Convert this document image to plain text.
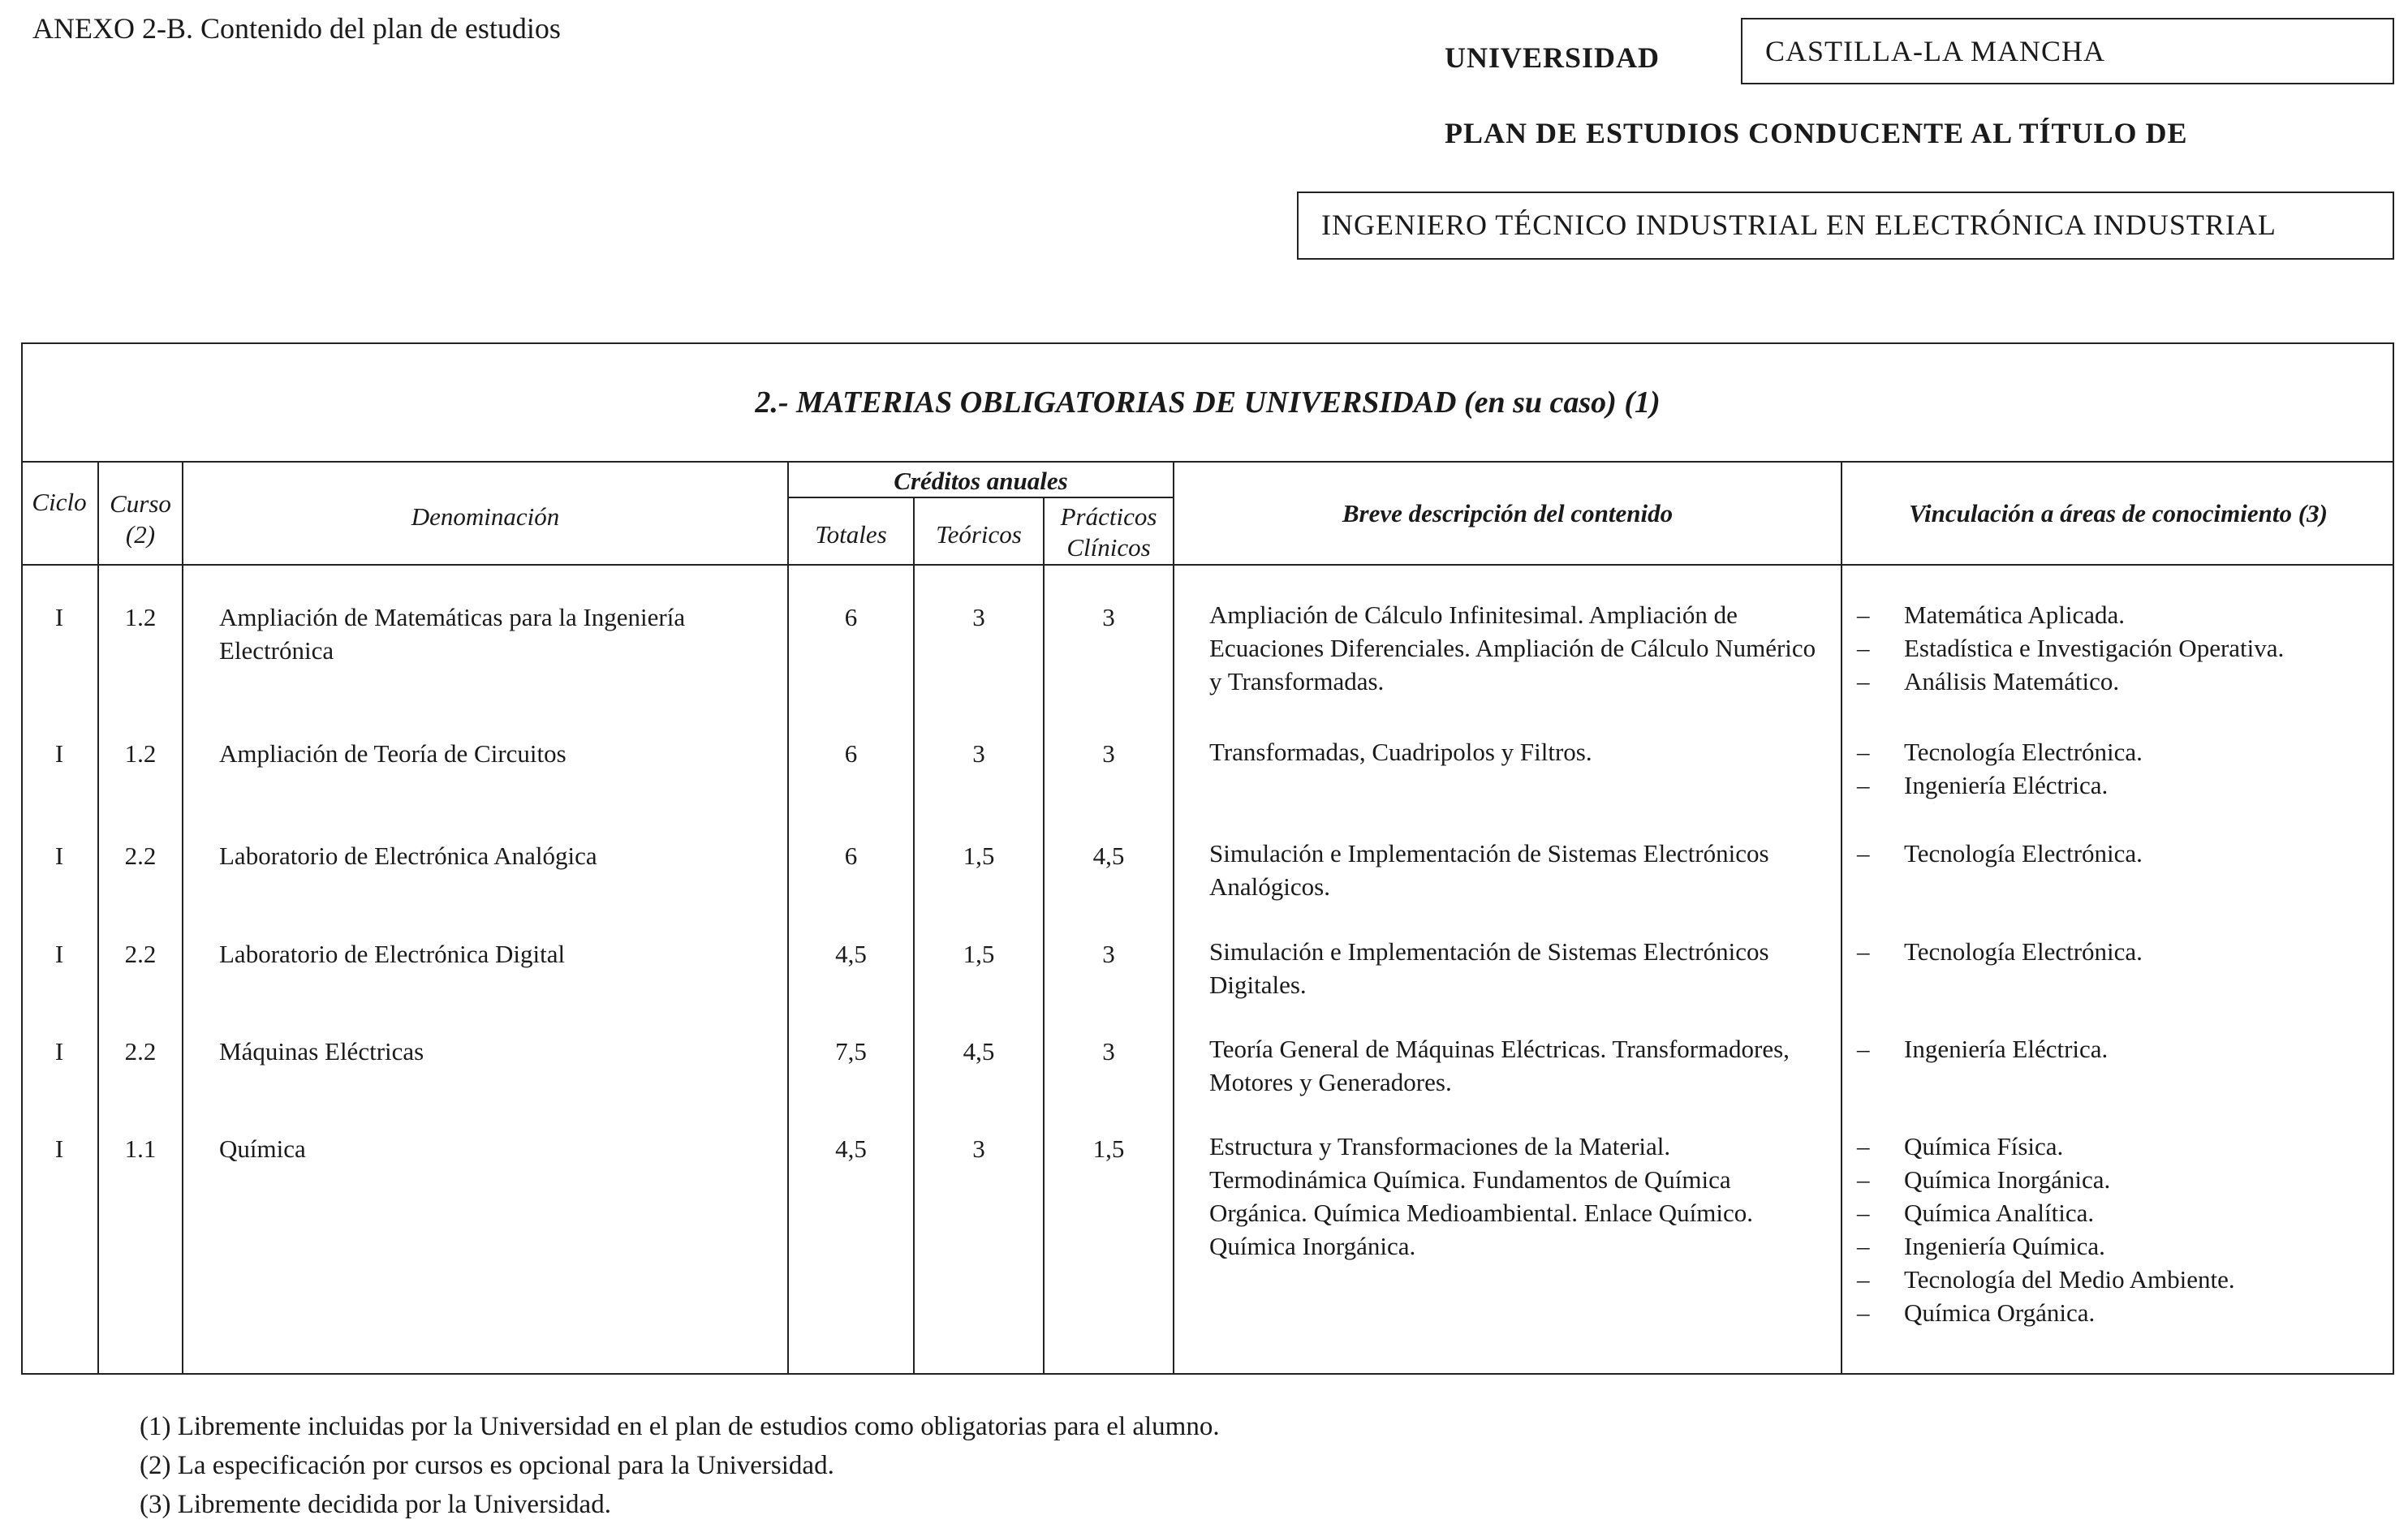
ANEXO 2-B. Contenido del plan de estudios
UNIVERSIDAD	CASTILLA-LA MANCHA
PLAN DE ESTUDIOS CONDUCENTE AL TÍTULO DE
INGENIERO TÉCNICO INDUSTRIAL EN ELECTRÓNICA INDUSTRIAL
2.- MATERIAS OBLIGATORIAS DE UNIVERSIDAD (en su caso) (1)
Ciclo Curso
(2)
Denominación
Créditos anuales
Totales	Teóricos
Prácticos
Clínicos
Breve descripción del contenido	Vinculación a áreas de conocimiento (3)
I	1.2	Ampliación de Matemáticas para la Ingeniería Electrónica
6	3	3	Ampliación de Cálculo Infinitesimal. Ampliación de Ecuaciones Diferenciales. Ampliación de Cálculo Numérico y Transformadas.
– Matemática Aplicada.
– Estadística e Investigación Operativa.
– Análisis Matemático.
I	1.2	Ampliación de Teoría de Circuitos	6	3	3	Transformadas, Cuadripolos y Filtros.
–	Tecnología Electrónica.
– Ingeniería Eléctrica.
I	2.2	Laboratorio de Electrónica Analógica	6	1,5	4,5	Simulación e Implementación de Sistemas Electrónicos Analógicos.
– Tecnología Electrónica.
I	2.2	Laboratorio de Electrónica Digital	4,5	1,5	3	Simulación e Implementación de Sistemas Electrónicos Digitales.
– Tecnología Electrónica.
I	2.2	Máquinas Eléctricas	7,5	4,5	3	Teoría General de Máquinas Eléctricas. Transformadores, Motores y Generadores.
– Ingeniería Eléctrica.
I	1.1	Química	4,5	3	1,5	Estructura y Transformaciones de la Material. Termodinámica Química. Fundamentos de Química Orgánica. Química Medioambiental. Enlace Químico. Química Inorgánica.
– Química Física.
– Química Inorgánica.
– Química Analítica.
– Ingeniería Química.
– Tecnología del Medio Ambiente.
– Química Orgánica.
(1) Libremente incluidas por la Universidad en el plan de estudios como obligatorias para el alumno.
(2) La especificación por cursos es opcional para la Universidad.
(3) Libremente decidida por la Universidad.
